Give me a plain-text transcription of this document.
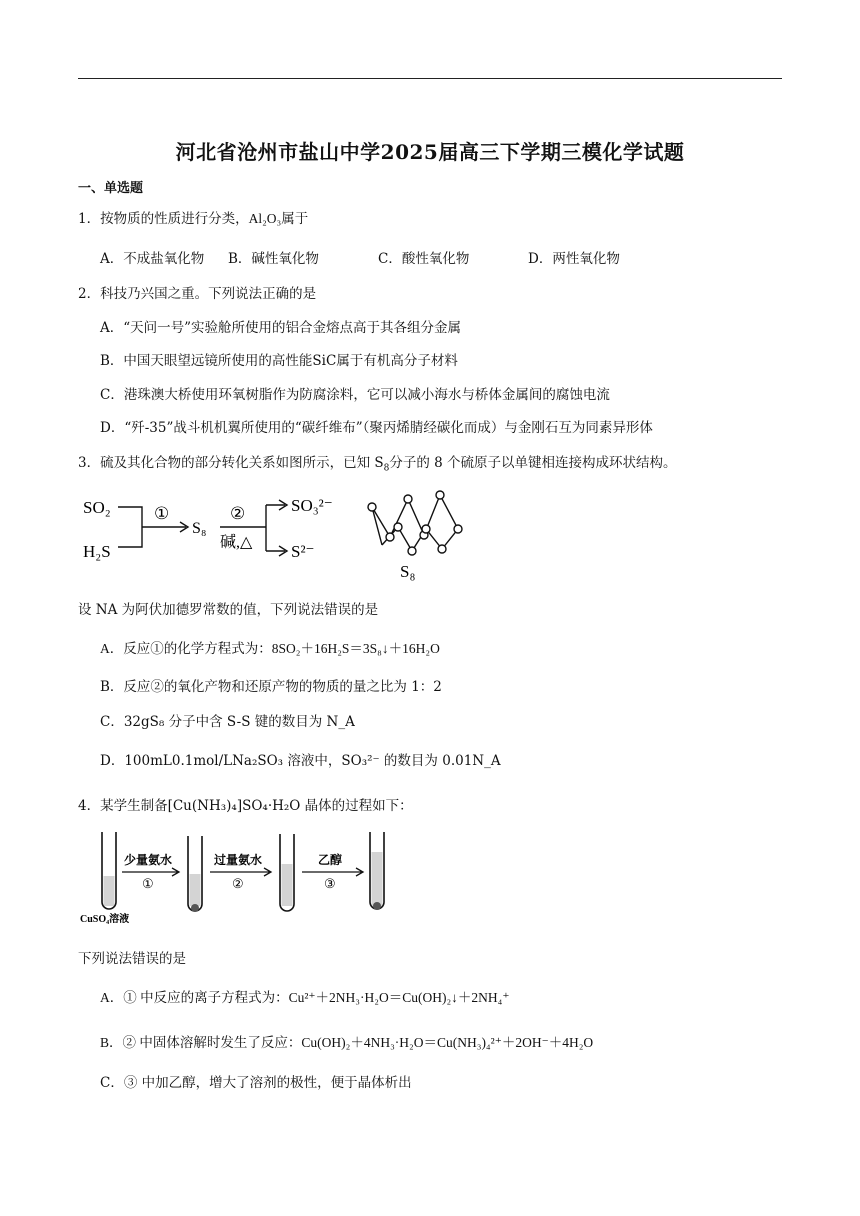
河北省沧州市盐山中学2025届高三下学期三模化学试题
一、单选题
1．按物质的性质进行分类，Al₂O₃属于
A．不成盐氧化物 B．碱性氧化物	C．酸性氧化物	D．两性氧化物
2．科技乃兴国之重。下列说法正确的是
A．“天问一号”实验舱所使用的铝合金熔点高于其各组分金属
B．中国天眼望远镜所使用的高性能SiC属于有机高分子材料
C．港珠澳大桥使用环氧树脂作为防腐涂料，它可以减小海水与桥体金属间的腐蚀电流
D．“歼-35”战斗机机翼所使用的“碳纤维布”（聚丙烯腈经碳化而成）与金刚石互为同素异形体
3．硫及其化合物的部分转化关系如图所示，已知 $S_8$分子的 8 个硫原子以单键相连接构成环状结构。
SO₂
H₂S
①
S₈
②
碱,△
SO₃²⁻
S²⁻
S₈
设 NA 为阿伏加德罗常数的值，下列说法错误的是
A．反应①的化学方程式为：8SO₂＋16H₂S＝3S₈↓＋16H₂O
B．反应②的氧化产物和还原产物的物质的量之比为 1：2
C．32gS₈ 分子中含 S-S 键的数目为 N_A
D．100mL0.1mol/LNa₂SO₃ 溶液中，SO₃²⁻ 的数目为 0.01N_A
4．某学生制备[Cu(NH₃)₄]SO₄·H₂O 晶体的过程如下：
CuSO₄溶液
少量氨水
①
过量氨水
②
乙醇
③
下列说法错误的是
A．① 中反应的离子方程式为：Cu²⁺＋2NH₃·H₂O＝Cu(OH)₂↓＋2NH₄⁺
B．② 中固体溶解时发生了反应：Cu(OH)₂＋4NH₃·H₂O＝Cu(NH₃)₄²⁺＋2OH⁻＋4H₂O
C．③ 中加乙醇，增大了溶剂的极性，便于晶体析出
